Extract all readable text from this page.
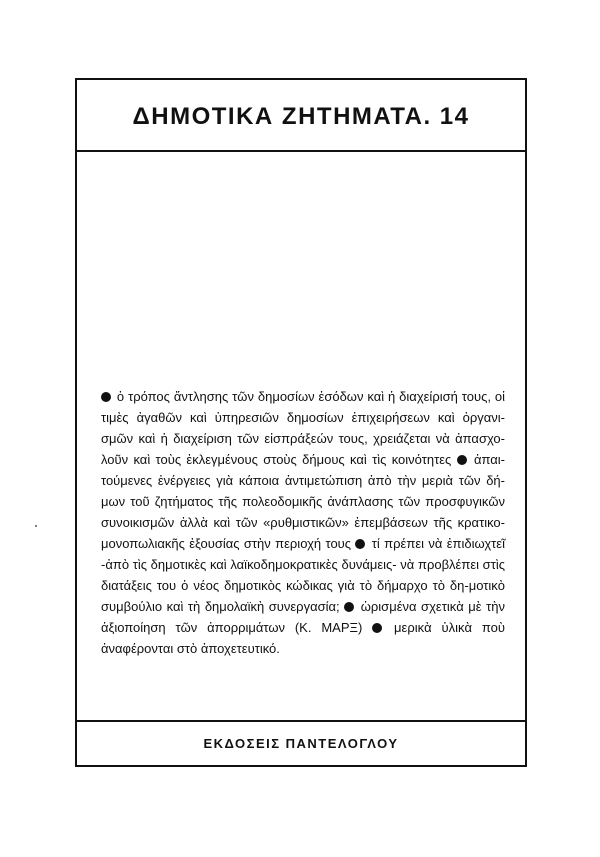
ΔΗΜΟΤΙΚΑ ΖΗΤΗΜΑΤΑ. 14

ὁ τρόπος ἄντλησης τῶν δημοσίων ἐσόδων καὶ ἡ διαχείρισή τους, οἱ τιμὲς ἀγαθῶν καὶ ὑπηρεσιῶν δημοσίων ἐπιχειρήσεων καὶ ὀργανι-σμῶν καὶ ἡ διαχείριση τῶν εἰσπράξεών τους, χρειάζεται νὰ ἀπασχο-λοῦν καὶ τοὺς ἐκλεγμένους στοὺς δήμους καὶ τὶς κοινότητες ἀπαι-τούμενες ἐνέργειες γιὰ κάποια ἀντιμετώπιση ἀπὸ τὴν μεριὰ τῶν δή-μων τοῦ ζητήματος τῆς πολεοδομικῆς ἀνάπλασης τῶν προσφυγικῶν συνοικισμῶν ἀλλὰ καὶ τῶν «ρυθμιστικῶν» ἐπεμβάσεων τῆς κρατικο-μονοπωλιακῆς ἐξουσίας στὴν περιοχή τους τί πρέπει νὰ ἐπιδιωχτεῖ -ἀπὸ τὶς δημοτικὲς καὶ λαϊκοδημοκρατικὲς δυνάμεις- νὰ προβλέπει στὶς διατάξεις του ὁ νέος δημοτικὸς κώδικας γιὰ τὸ δήμαρχο τὸ δη-μοτικὸ συμβούλιο καὶ τὴ δημολαϊκὴ συνεργασία; ὡρισμένα σχετικὰ μὲ τὴν ἀξιοποίηση τῶν ἀπορριμάτων (Κ. ΜΑΡΞ) μερικὰ ὑλικὰ ποὺ ἀναφέρονται στὸ ἀποχετευτικό.

ΕΚΔΟΣΕΙΣ ΠΑΝΤΕΛΟΓΛΟΥ
